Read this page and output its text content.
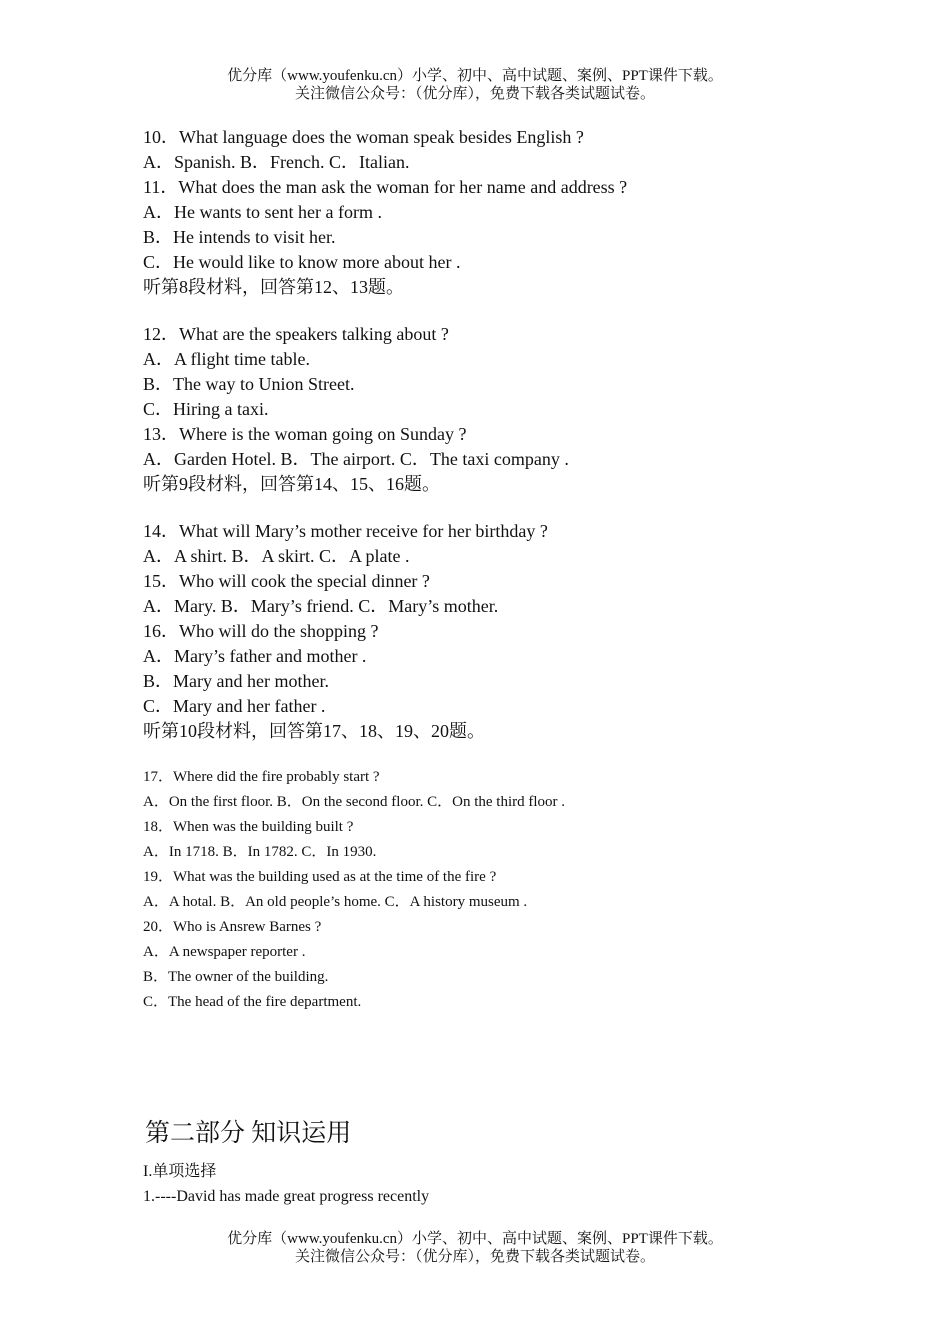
优分库（www.youfenku.cn）小学、初中、高中试题、案例、PPT课件下载。
关注微信公众号：（优分库），免费下载各类试题试卷。
10．What language does the woman speak besides English ?
A．Spanish. B．French. C．Italian.
11．What does the man ask the woman for her name and address ?
A．He wants to sent her a form .
B．He intends to visit her.
C．He would like to know more about her .
听第8段材料，回答第12、13题。
12．What are the speakers talking about ?
A．A flight time table.
B．The way to Union Street.
C．Hiring a taxi.
13．Where is the woman going on Sunday ?
A．Garden Hotel. B．The airport. C．The taxi company .
听第9段材料，回答第14、15、16题。
14．What will Mary’s mother receive for her birthday ?
A．A shirt. B．A skirt. C．A plate .
15．Who will cook the special dinner ?
A．Mary. B．Mary’s friend. C．Mary’s mother.
16．Who will do the shopping ?
A．Mary’s father and mother .
B．Mary and her mother.
C．Mary and her father .
听第10段材料，回答第17、18、19、20题。
17．Where did the fire probably start ?
A．On the first floor. B．On the second floor. C．On the third floor .
18．When was the building built ?
A．In 1718. B．In 1782. C．In 1930.
19．What was the building used as at the time of the fire ?
A．A hotal. B．An old people’s home. C．A history museum .
20．Who is Ansrew Barnes ?
A．A newspaper reporter .
B．The owner of the building.
C．The head of the fire department.
第二部分 知识运用
I.单项选择
1.----David has made great progress recently
优分库（www.youfenku.cn）小学、初中、高中试题、案例、PPT课件下载。
关注微信公众号：（优分库），免费下载各类试题试卷。
